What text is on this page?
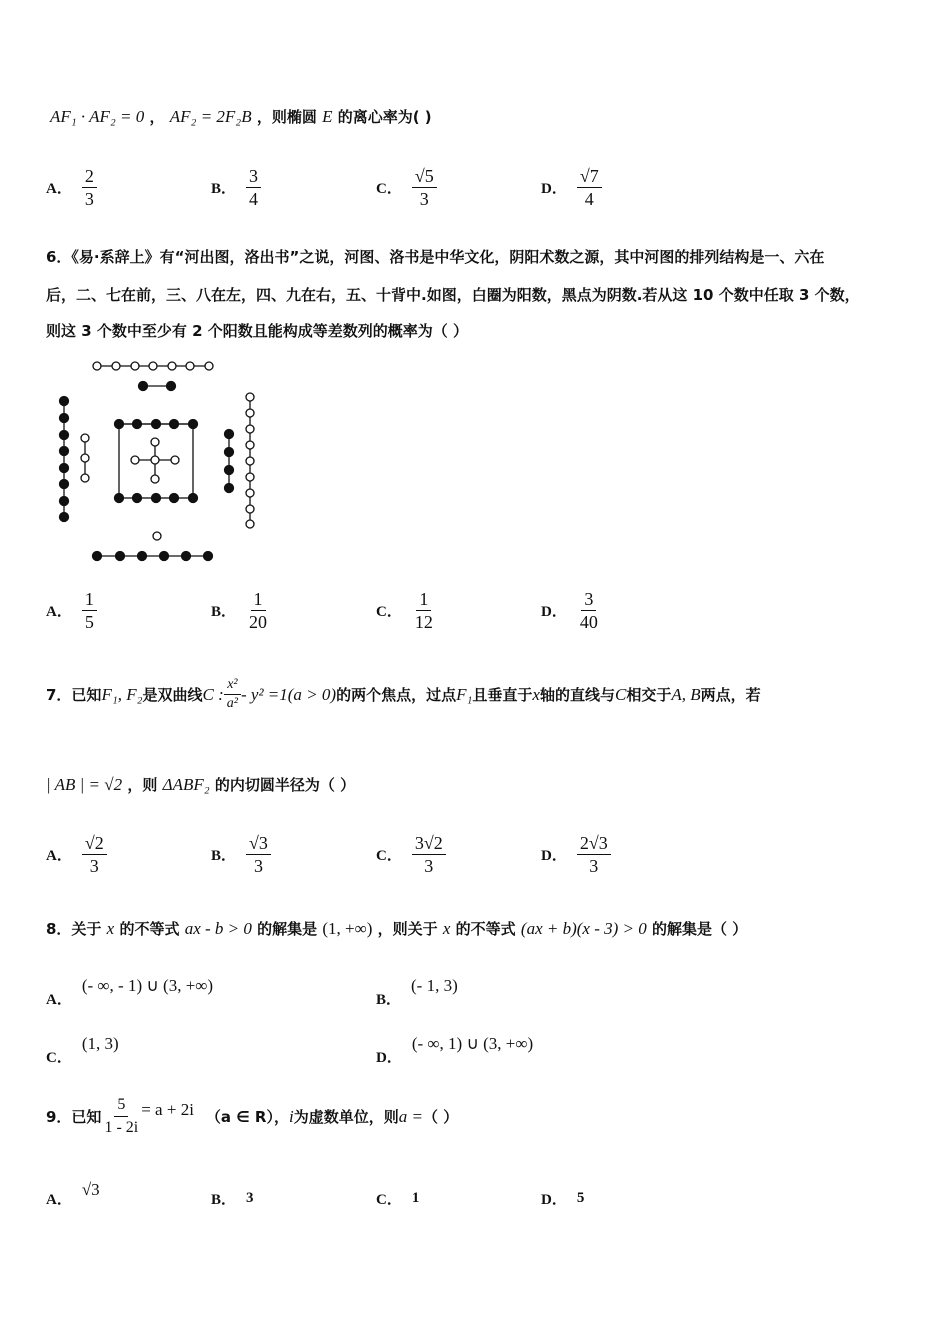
AF₁ · AF₂ = 0 ， AF₂ = 2F₂B ，则椭圆 E 的离心率为( )
A． $\frac{2}{3}$	B． $\frac{3}{4}$	C． $\frac{√5}{3}$	D． $\frac{√7}{4}$
6．《易·系辞上》有“河出图，洛出书”之说，河图、洛书是中华文化，阴阳术数之源，其中河图的排列结构是一、六在
后，二、七在前，三、八在左，四、九在右，五、十背中.如图，白圈为阳数，黑点为阴数.若从这 10 个数中任取 3 个数，
则这 3 个数中至少有 2 个阳数且能构成等差数列的概率为（ ）
A． $\frac{1}{5}$	B． $\frac{1}{20}$	C． $\frac{1}{12}$	D． $\frac{3}{40}$
7．已知 F₁, F₂ 是双曲线 C : $\frac{\text{x²}}{\text{a²}} - y^2 =1(a > 0)$ 的两个焦点，过点 F₁ 且垂直于 x 轴的直线与 C 相交于 A, B 两点，若
| AB | = √2 ，则 ΔABF₂ 的内切圆半径为（ ）
A． $\frac{√2}{3}$	B． $\frac{√3}{3}$	C． $\frac{3√2}{3}$	D． $\frac{2√3}{3}$
8．关于 x 的不等式 ax - b > 0 的解集是 (1, +∞) ，则关于 x 的不等式 (ax + b)(x - 3) > 0 的解集是（ ）
A．
(- ∞, - 1) ∪ (3, +∞)
B．
(- 1, 3)
C．
(1, 3)
D．
(- ∞, 1) ∪ (3, +∞)
9．已知 $\frac{5}{1 - 2i} = a + 2i$ （a ∈ R）， i 为虚数单位，则 a = （ ）
A．
√3
B． 3	C． 1	D． 5
